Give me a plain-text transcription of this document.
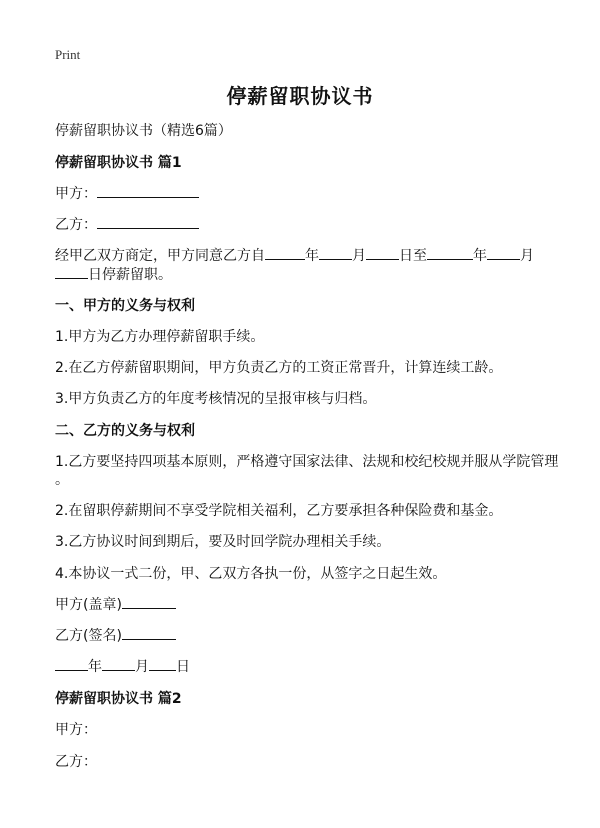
Print
停薪留职协议书
停薪留职协议书（精选6篇）
停薪留职协议书 篇1
甲方：
乙方：
经甲乙双方商定，甲方同意乙方自	年 月 日至	年 月
日停薪留职。
一、甲方的义务与权利
1.甲方为乙方办理停薪留职手续。
2.在乙方停薪留职期间，甲方负责乙方的工资正常晋升，计算连续工龄。
3.甲方负责乙方的年度考核情况的呈报审核与归档。
二、乙方的义务与权利
1.乙方要坚持四项基本原则，严格遵守国家法律、法规和校纪校规并服从学院管理
。
2.在留职停薪期间不享受学院相关福利，乙方要承担各种保险费和基金。
3.乙方协议时间到期后，要及时回学院办理相关手续。
4.本协议一式二份，甲、乙双方各执一份，从签字之日起生效。
甲方(盖章)
乙方(签名)
年 月 日
停薪留职协议书 篇2
甲方：
乙方：
